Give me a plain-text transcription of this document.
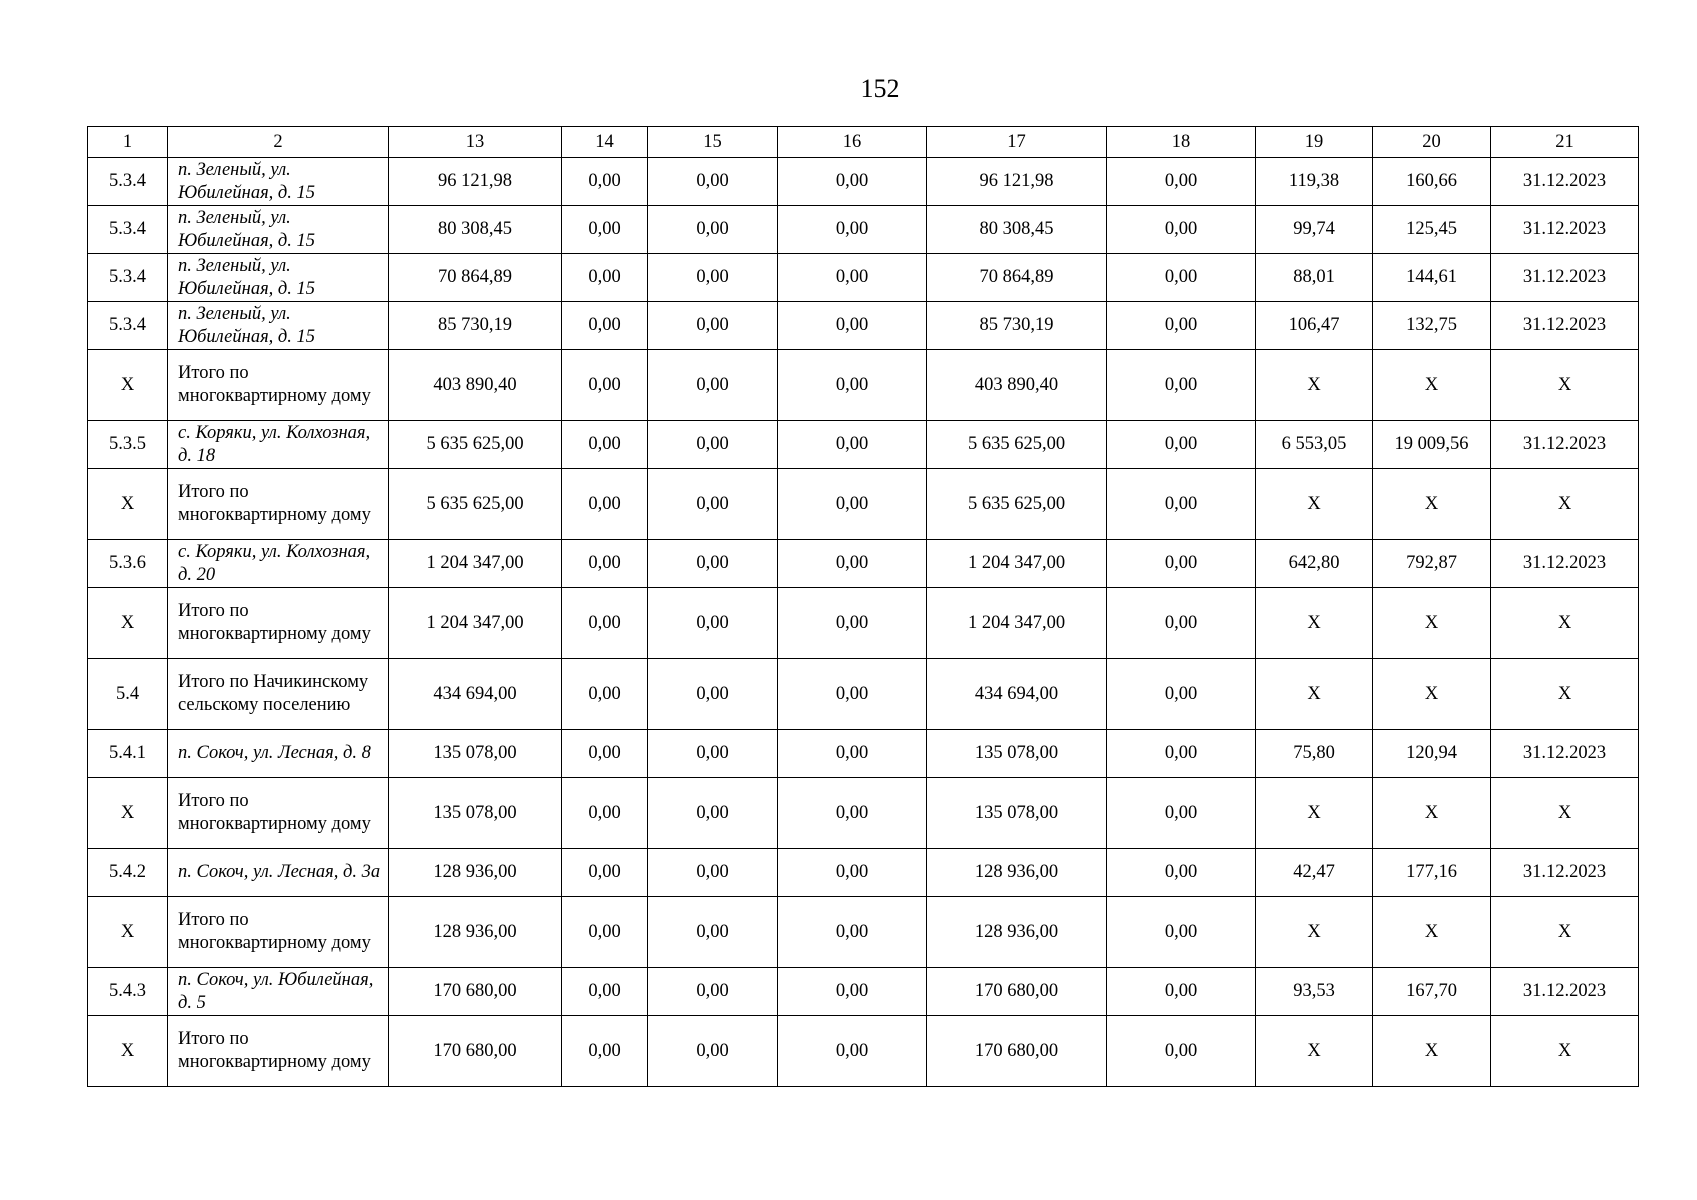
152
1	2	13	14	15	16	17	18	19	20	21
5.3.4	п. Зеленый, ул. Юбилейная, д. 15	96 121,98	0,00	0,00	0,00	96 121,98	0,00	119,38	160,66	31.12.2023
5.3.4	п. Зеленый, ул. Юбилейная, д. 15	80 308,45	0,00	0,00	0,00	80 308,45	0,00	99,74	125,45	31.12.2023
5.3.4	п. Зеленый, ул. Юбилейная, д. 15	70 864,89	0,00	0,00	0,00	70 864,89	0,00	88,01	144,61	31.12.2023
5.3.4	п. Зеленый, ул. Юбилейная, д. 15	85 730,19	0,00	0,00	0,00	85 730,19	0,00	106,47	132,75	31.12.2023
Х	Итого по многоквартирному дому	403 890,40	0,00	0,00	0,00	403 890,40	0,00	Х	Х	Х
5.3.5	с. Коряки, ул. Колхозная, д. 18	5 635 625,00	0,00	0,00	0,00	5 635 625,00	0,00	6 553,05	19 009,56	31.12.2023
Х	Итого по многоквартирному дому	5 635 625,00	0,00	0,00	0,00	5 635 625,00	0,00	Х	Х	Х
5.3.6	с. Коряки, ул. Колхозная, д. 20	1 204 347,00	0,00	0,00	0,00	1 204 347,00	0,00	642,80	792,87	31.12.2023
Х	Итого по многоквартирному дому	1 204 347,00	0,00	0,00	0,00	1 204 347,00	0,00	Х	Х	Х
5.4	Итого по Начикинскому сельскому поселению	434 694,00	0,00	0,00	0,00	434 694,00	0,00	Х	Х	Х
5.4.1	п. Сокоч, ул. Лесная, д. 8	135 078,00	0,00	0,00	0,00	135 078,00	0,00	75,80	120,94	31.12.2023
Х	Итого по многоквартирному дому	135 078,00	0,00	0,00	0,00	135 078,00	0,00	Х	Х	Х
5.4.2	п. Сокоч, ул. Лесная, д. 3а	128 936,00	0,00	0,00	0,00	128 936,00	0,00	42,47	177,16	31.12.2023
Х	Итого по многоквартирному дому	128 936,00	0,00	0,00	0,00	128 936,00	0,00	Х	Х	Х
5.4.3	п. Сокоч, ул. Юбилейная, д. 5	170 680,00	0,00	0,00	0,00	170 680,00	0,00	93,53	167,70	31.12.2023
Х	Итого по многоквартирному дому	170 680,00	0,00	0,00	0,00	170 680,00	0,00	Х	Х	Х
